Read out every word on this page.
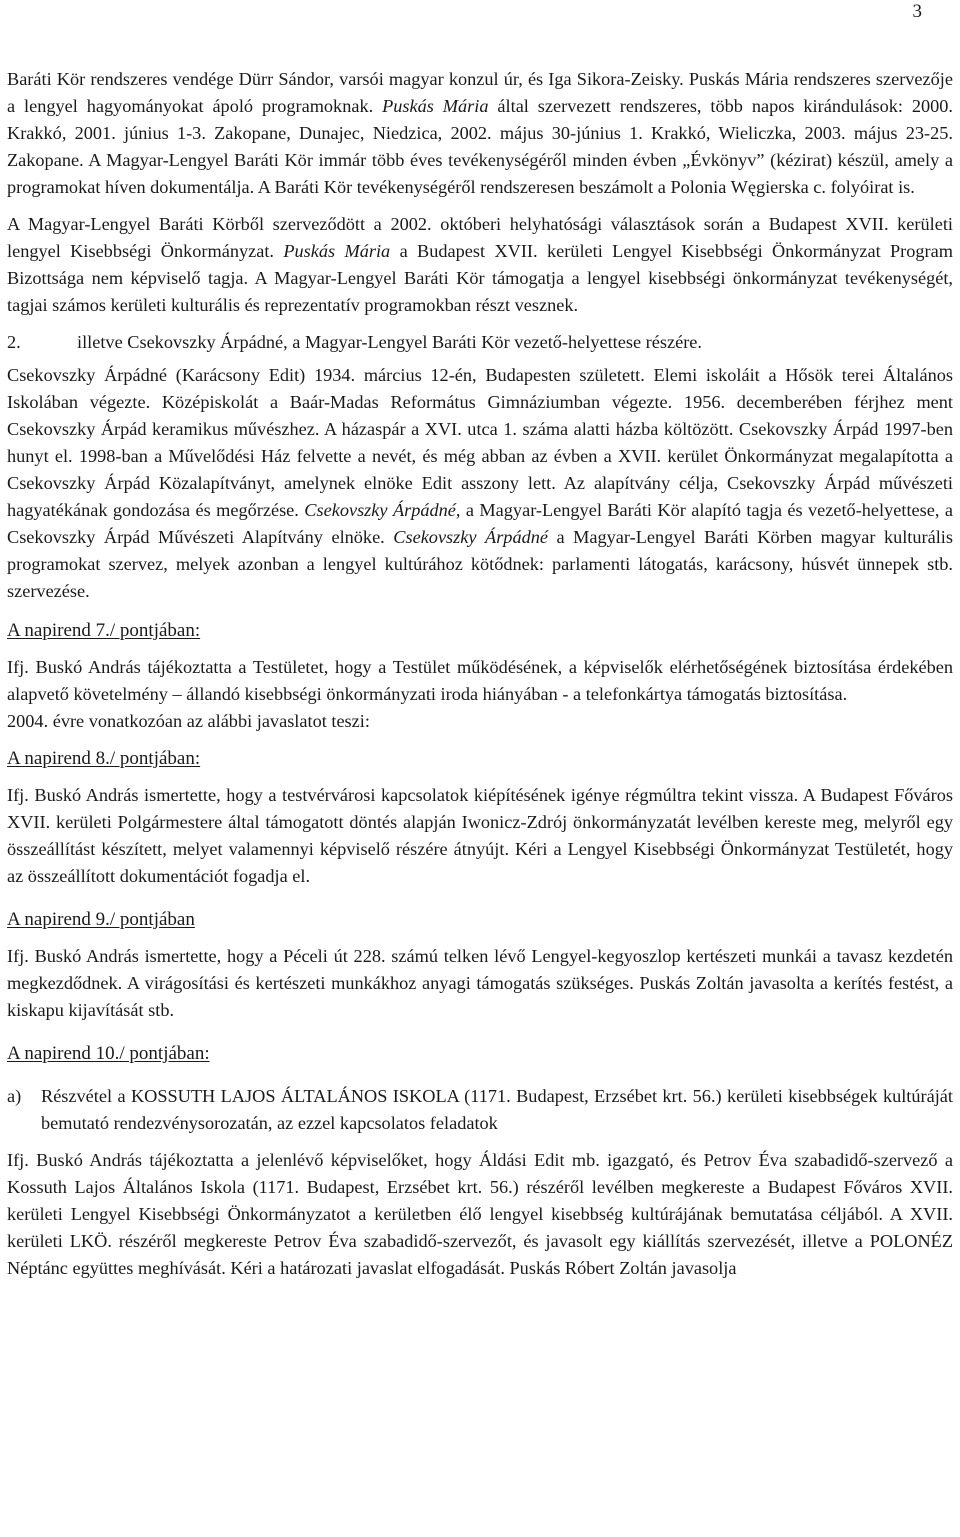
3

Baráti Kör rendszeres vendége Dürr Sándor, varsói magyar konzul úr, és Iga Sikora-Zeisky. Puskás Mária rendszeres szervezője a lengyel hagyományokat ápoló programoknak. Puskás Mária által szervezett rendszeres, több napos kirándulások: 2000. Krakkó, 2001. június 1-3. Zakopane, Dunajec, Niedzica, 2002. május 30-június 1. Krakkó, Wieliczka, 2003. május 23-25. Zakopane. A Magyar-Lengyel Baráti Kör immár több éves tevékenységéről minden évben „Évkönyv” (kézirat) készül, amely a programokat híven dokumentálja. A Baráti Kör tevékenységéről rendszeresen beszámolt a Polonia Węgierska c. folyóirat is.

A Magyar-Lengyel Baráti Körből szerveződött a 2002. októberi helyhatósági választások során a Budapest XVII. kerületi lengyel Kisebbségi Önkormányzat. Puskás Mária a Budapest XVII. kerületi Lengyel Kisebbségi Önkormányzat Program Bizottsága nem képviselő tagja. A Magyar-Lengyel Baráti Kör támogatja a lengyel kisebbségi önkormányzat tevékenységét, tagjai számos kerületi kulturális és reprezentatív programokban részt vesznek.

2.	illetve Csekovszky Árpádné, a Magyar-Lengyel Baráti Kör vezető-helyettese részére.

Csekovszky Árpádné (Karácsony Edit) 1934. március 12-én, Budapesten született. Elemi iskoláit a Hősök terei Általános Iskolában végezte. Középiskolát a Baár-Madas Református Gimnáziumban végezte. 1956. decemberében férjhez ment Csekovszky Árpád keramikus művészhez. A házaspár a XVI. utca 1. száma alatti házba költözött. Csekovszky Árpád 1997-ben hunyt el. 1998-ban a Művelődési Ház felvette a nevét, és még abban az évben a XVII. kerület Önkormányzat megalapította a Csekovszky Árpád Közalapítványt, amelynek elnöke Edit asszony lett. Az alapítvány célja, Csekovszky Árpád művészeti hagyatékának gondozása és megőrzése. Csekovszky Árpádné, a Magyar-Lengyel Baráti Kör alapító tagja és vezető-helyettese, a Csekovszky Árpád Művészeti Alapítvány elnöke. Csekovszky Árpádné a Magyar-Lengyel Baráti Körben magyar kulturális programokat szervez, melyek azonban a lengyel kultúrához kötődnek: parlamenti látogatás, karácsony, húsvét ünnepek stb. szervezése.

A napirend 7./ pontjában:

Ifj. Buskó András tájékoztatta a Testületet, hogy a Testület működésének, a képviselők elérhetőségének biztosítása érdekében alapvető követelmény – állandó kisebbségi önkormányzati iroda hiányában - a telefonkártya támogatás biztosítása.

2004. évre vonatkozóan az alábbi javaslatot teszi:

A napirend 8./ pontjában:

Ifj. Buskó András ismertette, hogy a testvérvárosi kapcsolatok kiépítésének igénye régmúltra tekint vissza. A Budapest Főváros XVII. kerületi Polgármestere által támogatott döntés alapján Iwonicz-Zdrój önkormányzatát levélben kereste meg, melyről egy összeállítást készített, melyet valamennyi képviselő részére átnyújt. Kéri a Lengyel Kisebbségi Önkormányzat Testületét, hogy az összeállított dokumentációt fogadja el.

A napirend 9./ pontjában

Ifj. Buskó András ismertette, hogy a Péceli út 228. számú telken lévő Lengyel-kegyoszlop kertészeti munkái a tavasz kezdetén megkezdődnek. A virágosítási és kertészeti munkákhoz anyagi támogatás szükséges. Puskás Zoltán javasolta a kerítés festést, a kiskapu kijavítását stb.

A napirend 10./ pontjában:

a) Részvétel a KOSSUTH LAJOS ÁLTALÁNOS ISKOLA (1171. Budapest, Erzsébet krt. 56.) kerületi kisebbségek kultúráját bemutató rendezvénysorozatán, az ezzel kapcsolatos feladatok

Ifj. Buskó András tájékoztatta a jelenlévő képviselőket, hogy Áldási Edit mb. igazgató, és Petrov Éva szabadidő-szervező a Kossuth Lajos Általános Iskola (1171. Budapest, Erzsébet krt. 56.) részéről levélben megkereste a Budapest Főváros XVII. kerületi Lengyel Kisebbségi Önkormányzatot a kerületben élő lengyel kisebbség kultúrájának bemutatása céljából. A XVII. kerületi LKÖ. részéről megkereste Petrov Éva szabadidő-szervezőt, és javasolt egy kiállítás szervezését, illetve a POLONÉZ Néptánc együttes meghívását. Kéri a határozati javaslat elfogadását. Puskás Róbert Zoltán javasolja
